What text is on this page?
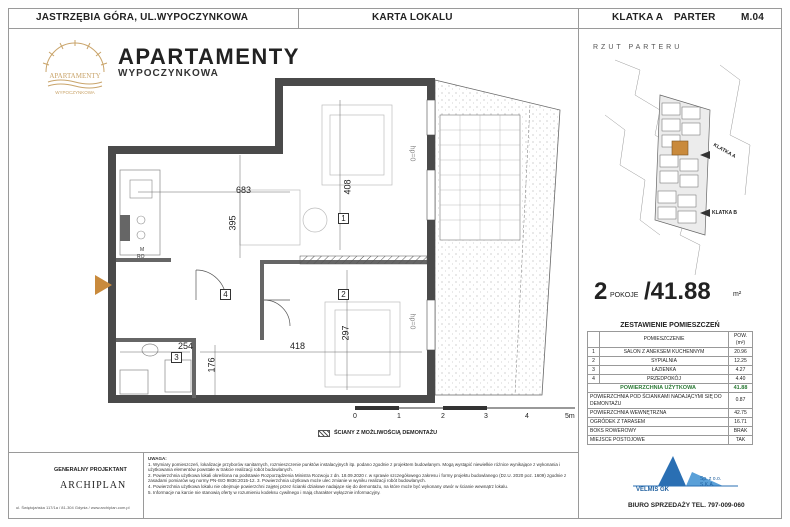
JASTRZĘBIA GÓRA, UL.WYPOCZYNKOWA	KARTA LOKALU	KLATKA A PARTER	M.04
APARTAMENTY
WYPOCZYNKOWA
APARTAMENTY
WYPOCZYNKOWA
683	408
395
254	418
297
176
1
2
3
4
hp=0
hp=0
M
RO
0	1	2	3	4	5m
ŚCIANY Z MOŻLIWOŚCIĄ DEMONTAŻU
RZUT PARTERU
KLATKA A
KLATKA B
2 POKOJE /41.88	m²
ZESTAWIENIE POMIESZCZEŃ
	POMIESZCZENIE	POW. (m²)
1	SALON Z ANEKSEM KUCHENNYM	20.96
2	SYPIALNIA	12.25
3	ŁAZIENKA	4.27
4	PRZEDPOKÓJ	4.40
POWIERZCHNIA UŻYTKOWA		41.88
POWIERZCHNIA POD ŚCIANKAMI NADAJĄCYMI SIĘ DO DEMONTAŻU		0.87
POWIERZCHNIA WEWNĘTRZNA		42.75
OGRÓDEK Z TARASEM		16.71
BOKS ROWEROWY		BRAK
MIEJSCE POSTOJOWE		TAK
GENERALNY PROJEKTANT
ARCHIPLAN
ul. Świętojańska 117/1a / 81-304 Gdynia / www.archiplan.com.pl
UWAGA:
1. Wymiary pomieszczeń, lokalizacje przyborów sanitarnych, rozmieszczenie punktów instalacyjnych itp. podano zgodnie z projektem budowlanym. Mogą wystąpić niewielkie różnice wynikające z wykonania i użytkowania elementów powstałe w trakcie realizacji robót budowlanych.
2. Powierzchnia użytkowa lokali określona na podstawie Rozporządzenia Ministra Rozwoju z dn. 18.09.2020 r. w sprawie szczegółowego zakresu i formy projektu budowlanego (Dz.U. 2020 poz. 1609) zgodnie z zasadami pomiarów wg normy PN-ISO 9836:2015-12. 3. Powierzchnia użytkowa może ulec zmianie w wyniku realizacji robót budowlanych.
4. Powierzchnia użytkowa lokalu nie obejmuje powierzchni zajętej przez ścianki działowe nadające się do demontażu, na które może być wykonany otwór w ścianie wewnątrz lokalu.
5. Informacje na karcie nie stanowią oferty w rozumieniu kodeksu cywilnego i mają charakter wyłącznie informacyjny.	VELMIS GK
Sp. z o.o. S.K.A.
BIURO SPRZEDAŻY TEL. 797-009-060
